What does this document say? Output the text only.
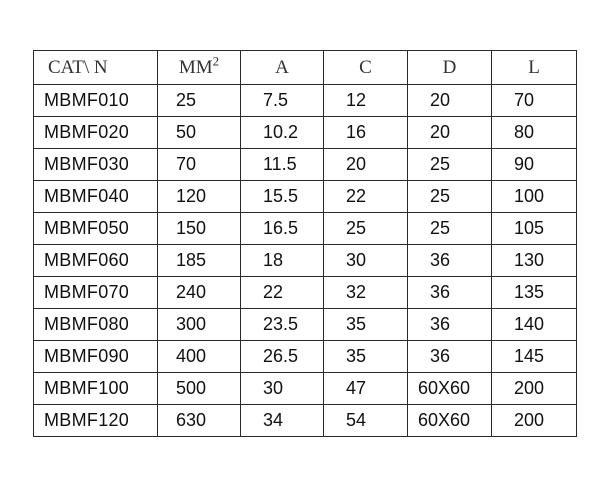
CAT\ N	$MM^2$	A	C	D	L
MBMF010	25	7.5	12	20	70
MBMF020	50	10.2	16	20	80
MBMF030	70	11.5	20	25	90
MBMF040	120	15.5	22	25	100
MBMF050	150	16.5	25	25	105
MBMF060	185	18	30	36	130
MBMF070	240	22	32	36	135
MBMF080	300	23.5	35	36	140
MBMF090	400	26.5	35	36	145
MBMF100	500	30	47	60X60	200
MBMF120	630	34	54	60X60	200
